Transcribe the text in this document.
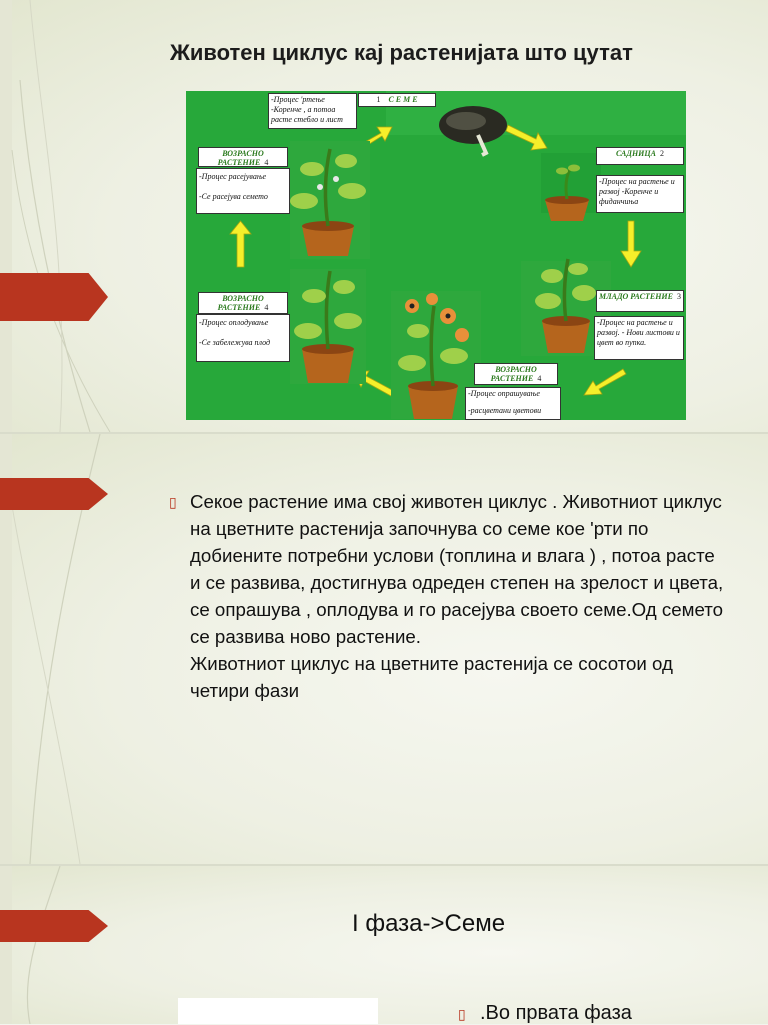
Животен циклус кај растенијата што цутат
-Процес 'ртење -Коренче , а потоа расте стебло и лист
1 С Е М Е
САДНИЦА 2
-Процес на растење и развој -Коренче и фиданчиња
МЛАДО РАСТЕНИЕ 3
-Процес на растење и развој. - Нови листови и цвет во пупка.
ВОЗРАСНО РАСТЕНИЕ 4
-Процес опрашување
-расцветани цветови
ВОЗРАСНО РАСТЕНИЕ 4
-Процес оплодување
-Се забележува плод
ВОЗРАСНО РАСТЕНИЕ 4
-Процес расејување
-Се расејува семето
▯ Секое растение има свој животен циклус . Животниот циклус на цветните растенија започнува со семе кое 'рти по добиените потребни услови (топлина и влага ) , потоа расте и се развива, достигнува одреден степен на зрелост и цвета, се опрашува , оплодува и го расејува своето семе.Од семето се развива ново растение.

Животниот циклус на цветните растенија се сосотои од четири фази

I фаза->Семе
▯ .Во првата фаза
